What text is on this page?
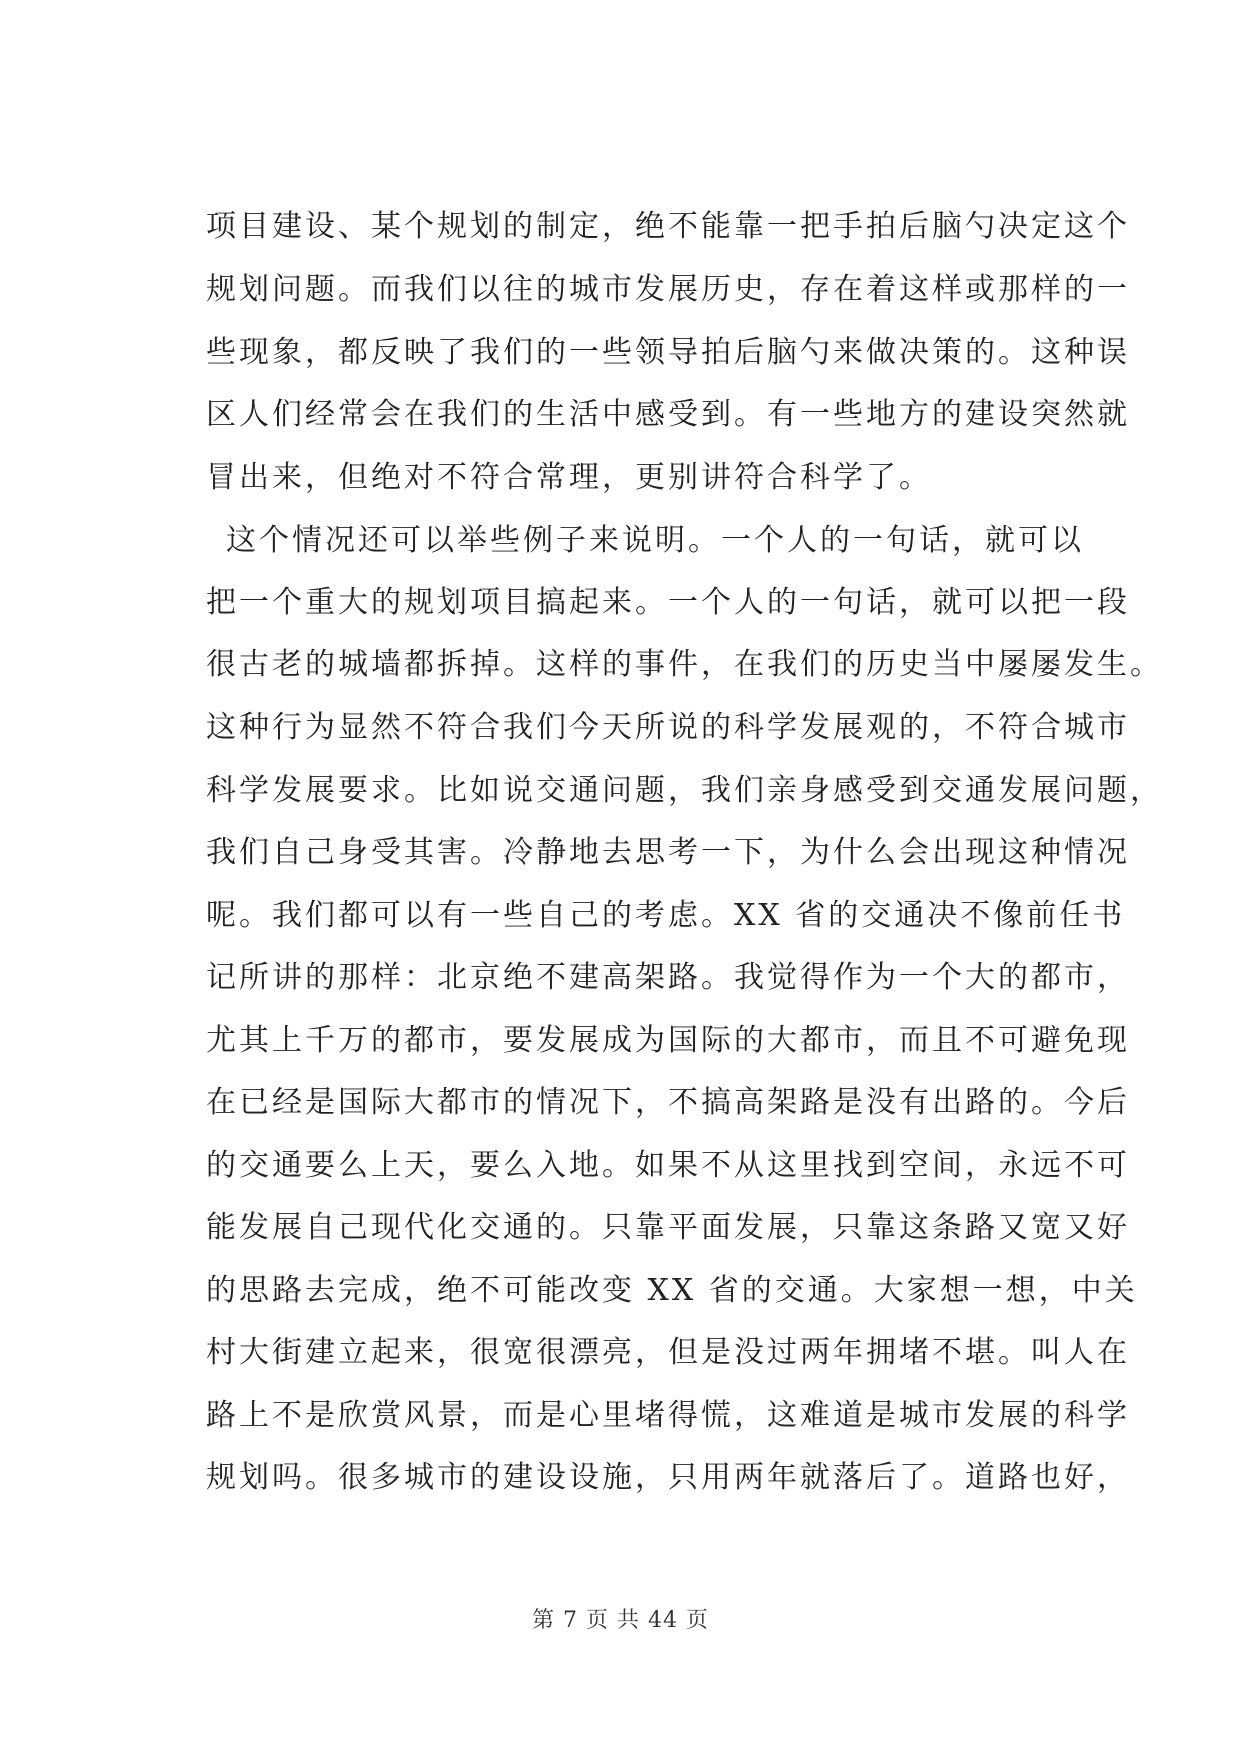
项目建设、某个规划的制定，绝不能靠一把手拍后脑勺决定这个
规划问题。而我们以往的城市发展历史，存在着这样或那样的一
些现象，都反映了我们的一些领导拍后脑勺来做决策的。这种误
区人们经常会在我们的生活中感受到。有一些地方的建设突然就
冒出来，但绝对不符合常理，更别讲符合科学了。
这个情况还可以举些例子来说明。一个人的一句话，就可以
把一个重大的规划项目搞起来。一个人的一句话，就可以把一段
很古老的城墙都拆掉。这样的事件，在我们的历史当中屡屡发生。
这种行为显然不符合我们今天所说的科学发展观的，不符合城市
科学发展要求。比如说交通问题，我们亲身感受到交通发展问题，
我们自己身受其害。冷静地去思考一下，为什么会出现这种情况
呢。我们都可以有一些自己的考虑。XX 省的交通决不像前任书
记所讲的那样：北京绝不建高架路。我觉得作为一个大的都市，
尤其上千万的都市，要发展成为国际的大都市，而且不可避免现
在已经是国际大都市的情况下，不搞高架路是没有出路的。今后
的交通要么上天，要么入地。如果不从这里找到空间，永远不可
能发展自己现代化交通的。只靠平面发展，只靠这条路又宽又好
的思路去完成，绝不可能改变 XX 省的交通。大家想一想，中关
村大街建立起来，很宽很漂亮，但是没过两年拥堵不堪。叫人在
路上不是欣赏风景，而是心里堵得慌，这难道是城市发展的科学
规划吗。很多城市的建设设施，只用两年就落后了。道路也好，
第 7 页 共 44 页
